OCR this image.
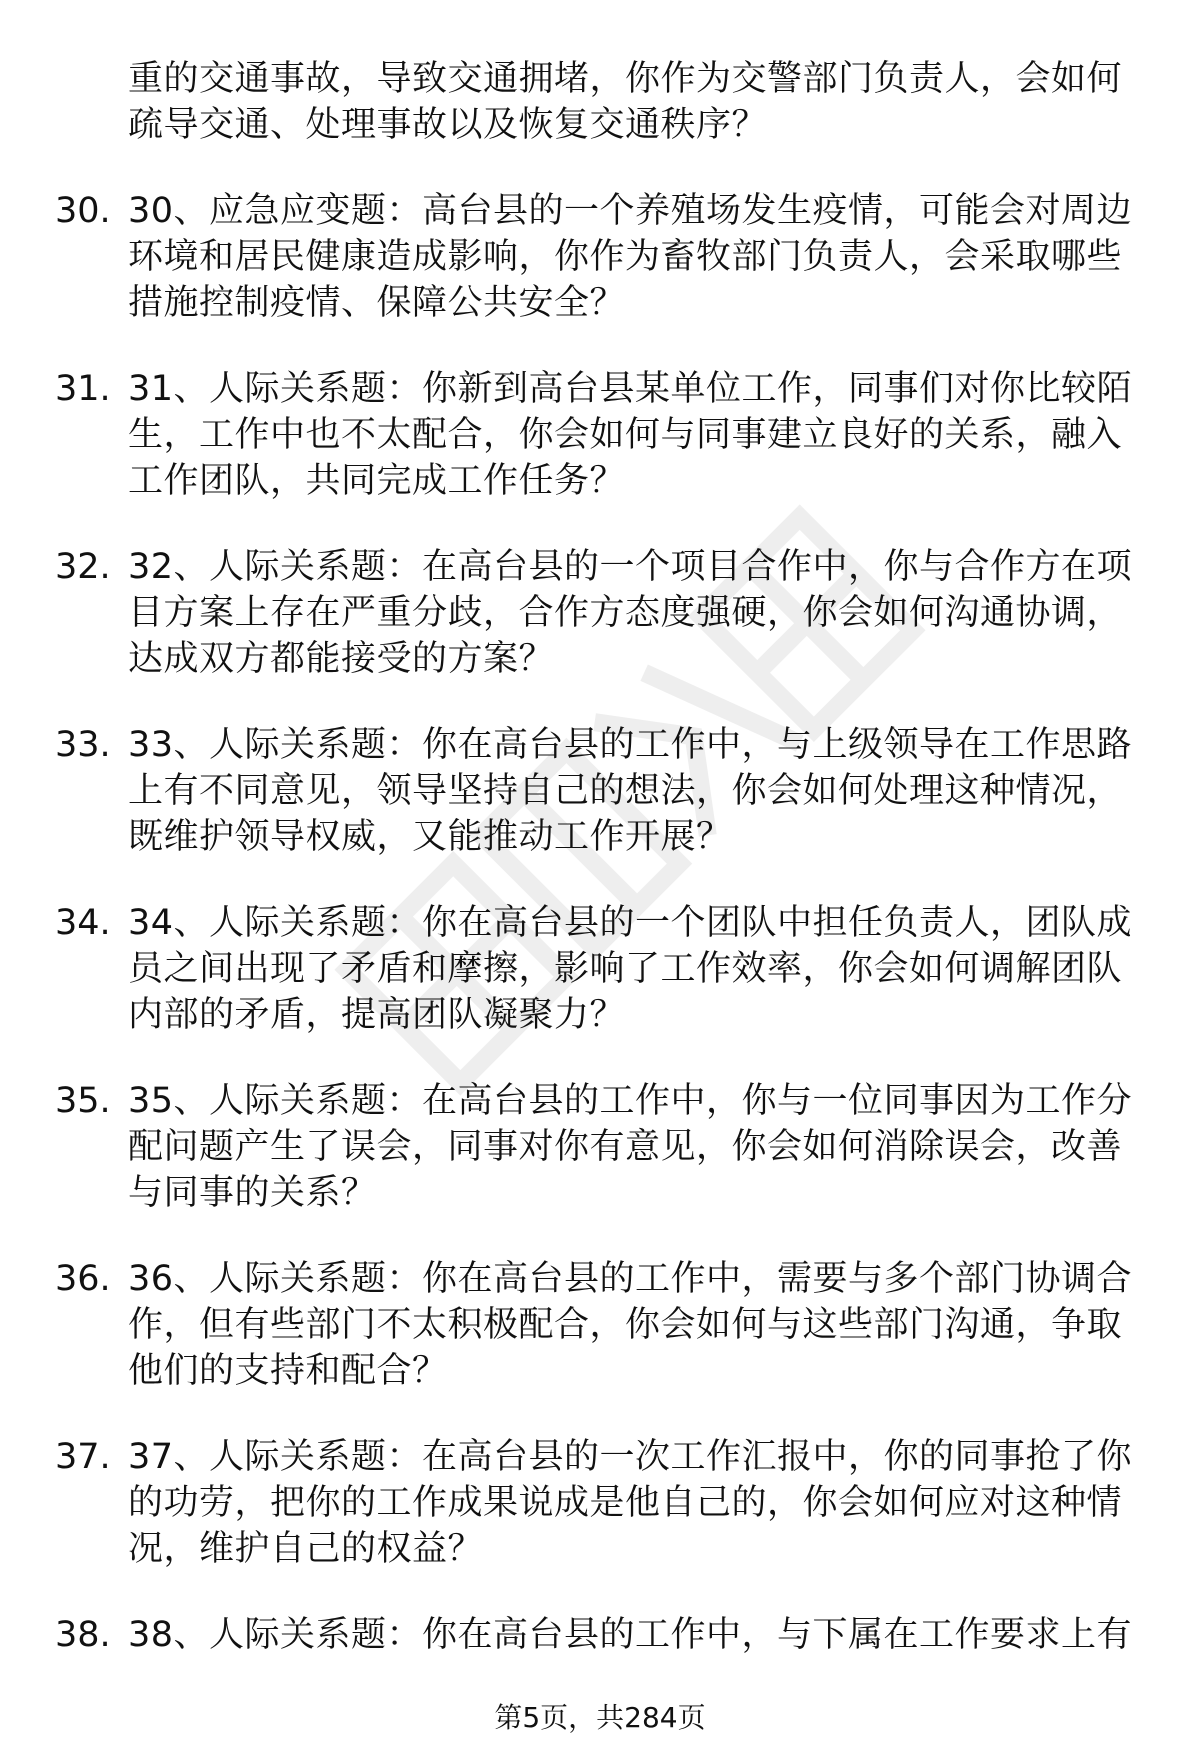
重的交通事故，导致交通拥堵，你作为交警部门负责人，会如何疏导交通、处理事故以及恢复交通秩序？
30. 30、应急应变题：高台县的一个养殖场发生疫情，可能会对周边环境和居民健康造成影响，你作为畜牧部门负责人，会采取哪些措施控制疫情、保障公共安全？
31. 31、人际关系题：你新到高台县某单位工作，同事们对你比较陌生，工作中也不太配合，你会如何与同事建立良好的关系，融入工作团队，共同完成工作任务？
32. 32、人际关系题：在高台县的一个项目合作中，你与合作方在项目方案上存在严重分歧，合作方态度强硬，你会如何沟通协调，达成双方都能接受的方案？
33. 33、人际关系题：你在高台县的工作中，与上级领导在工作思路上有不同意见，领导坚持自己的想法，你会如何处理这种情况，既维护领导权威，又能推动工作开展？
34. 34、人际关系题：你在高台县的一个团队中担任负责人，团队成员之间出现了矛盾和摩擦，影响了工作效率，你会如何调解团队内部的矛盾，提高团队凝聚力？
35. 35、人际关系题：在高台县的工作中，你与一位同事因为工作分配问题产生了误会，同事对你有意见，你会如何消除误会，改善与同事的关系？
36. 36、人际关系题：你在高台县的工作中，需要与多个部门协调合作，但有些部门不太积极配合，你会如何与这些部门沟通，争取他们的支持和配合？
37. 37、人际关系题：在高台县的一次工作汇报中，你的同事抢了你的功劳，把你的工作成果说成是他自己的，你会如何应对这种情况，维护自己的权益？
38. 38、人际关系题：你在高台县的工作中，与下属在工作要求上有
第5页，共284页
